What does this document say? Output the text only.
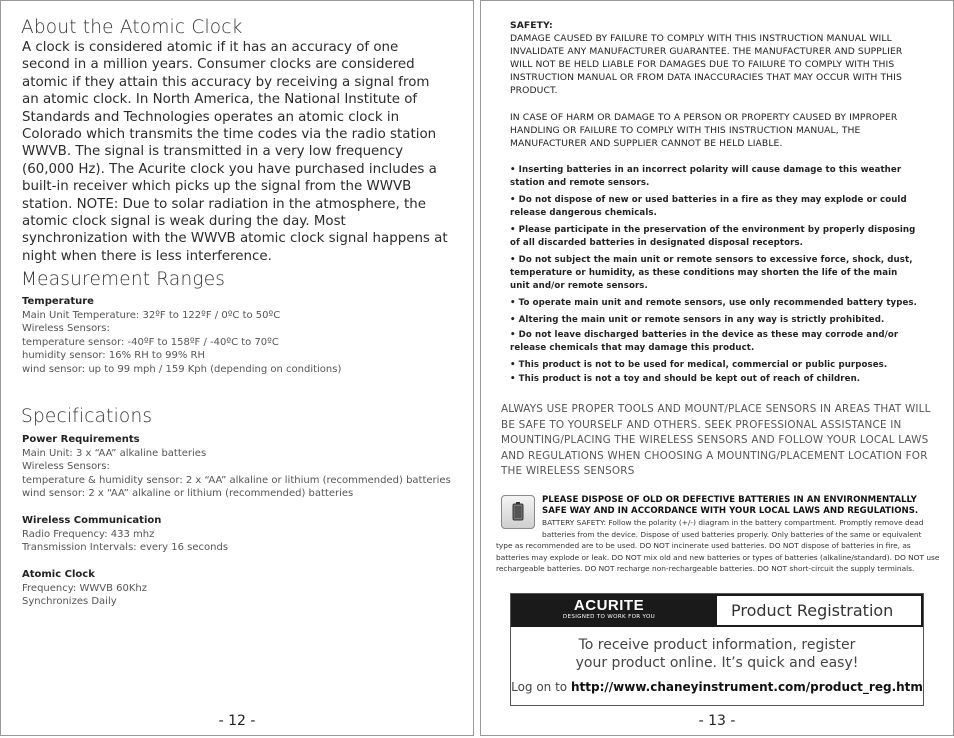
About the Atomic Clock
A clock is considered atomic if it has an accuracy of one second in a million years. Consumer clocks are considered atomic if they attain this accuracy by receiving a signal from an atomic clock. In North America, the National Institute of Standards and Technologies operates an atomic clock in Colorado which transmits the time codes via the radio station WWVB. The signal is transmitted in a very low frequency (60,000 Hz). The Acurite clock you have purchased includes a built-in receiver which picks up the signal from the WWVB station. NOTE: Due to solar radiation in the atmosphere, the atomic clock signal is weak during the day. Most synchronization with the WWVB atomic clock signal happens at night when there is less interference.
Measurement Ranges
Temperature
Main Unit Temperature: 32ºF to 122ºF / 0ºC to 50ºC
Wireless Sensors:
temperature sensor: -40ºF to 158ºF / -40ºC to 70ºC
humidity sensor: 16% RH to 99% RH
wind sensor: up to 99 mph / 159 Kph (depending on conditions)
Specifications
Power Requirements
Main Unit: 3 x “AA” alkaline batteries
Wireless Sensors:
temperature & humidity sensor: 2 x “AA” alkaline or lithium (recommended) batteries
wind sensor: 2 x “AA” alkaline or lithium (recommended) batteries
Wireless Communication
Radio Frequency: 433 mhz
Transmission Intervals: every 16 seconds
Atomic Clock
Frequency: WWVB 60Khz
Synchronizes Daily
- 12 -
SAFETY:
DAMAGE CAUSED BY FAILURE TO COMPLY WITH THIS INSTRUCTION MANUAL WILL INVALIDATE ANY MANUFACTURER GUARANTEE. THE MANUFACTURER AND SUPPLIER WILL NOT BE HELD LIABLE FOR DAMAGES DUE TO FAILURE TO COMPLY WITH THIS INSTRUCTION MANUAL OR FROM DATA INACCURACIES THAT MAY OCCUR WITH THIS PRODUCT.
IN CASE OF HARM OR DAMAGE TO A PERSON OR PROPERTY CAUSED BY IMPROPER HANDLING OR FAILURE TO COMPLY WITH THIS INSTRUCTION MANUAL, THE MANUFACTURER AND SUPPLIER CANNOT BE HELD LIABLE.
• Inserting batteries in an incorrect polarity will cause damage to this weather station and remote sensors.
• Do not dispose of new or used batteries in a fire as they may explode or could release dangerous chemicals.
• Please participate in the preservation of the environment by properly disposing of all discarded batteries in designated disposal receptors.
• Do not subject the main unit or remote sensors to excessive force, shock, dust, temperature or humidity, as these conditions may shorten the life of the main unit and/or remote sensors.
• To operate main unit and remote sensors, use only recommended battery types.
• Altering the main unit or remote sensors in any way is strictly prohibited.
• Do not leave discharged batteries in the device as these may corrode and/or release chemicals that may damage this product.
• This product is not to be used for medical, commercial or public purposes.
• This product is not a toy and should be kept out of reach of children.
ALWAYS USE PROPER TOOLS AND MOUNT/PLACE SENSORS IN AREAS THAT WILL BE SAFE TO YOURSELF AND OTHERS. SEEK PROFESSIONAL ASSISTANCE IN MOUNTING/PLACING THE WIRELESS SENSORS AND FOLLOW YOUR LOCAL LAWS AND REGULATIONS WHEN CHOOSING A MOUNTING/PLACEMENT LOCATION FOR THE WIRELESS SENSORS
PLEASE DISPOSE OF OLD OR DEFECTIVE BATTERIES IN AN ENVIRONMENTALLY SAFE WAY AND IN ACCORDANCE WITH YOUR LOCAL LAWS AND REGULATIONS.
BATTERY SAFETY: Follow the polarity (+/-) diagram in the battery compartment. Promptly remove dead batteries from the device. Dispose of used batteries properly. Only batteries of the same or equivalent
type as recommended are to be used. DO NOT incinerate used batteries. DO NOT dispose of batteries in fire, as batteries may explode or leak. DO NOT mix old and new batteries or types of batteries (alkaline/standard). DO NOT use rechargeable batteries. DO NOT recharge non-rechargeable batteries. DO NOT short-circuit the supply terminals.
ACURITE
DESIGNED TO WORK FOR YOU	Product Registration
To receive product information, register
your product online. It’s quick and easy!
Log on to http://www.chaneyinstrument.com/product_reg.htm
- 13 -
